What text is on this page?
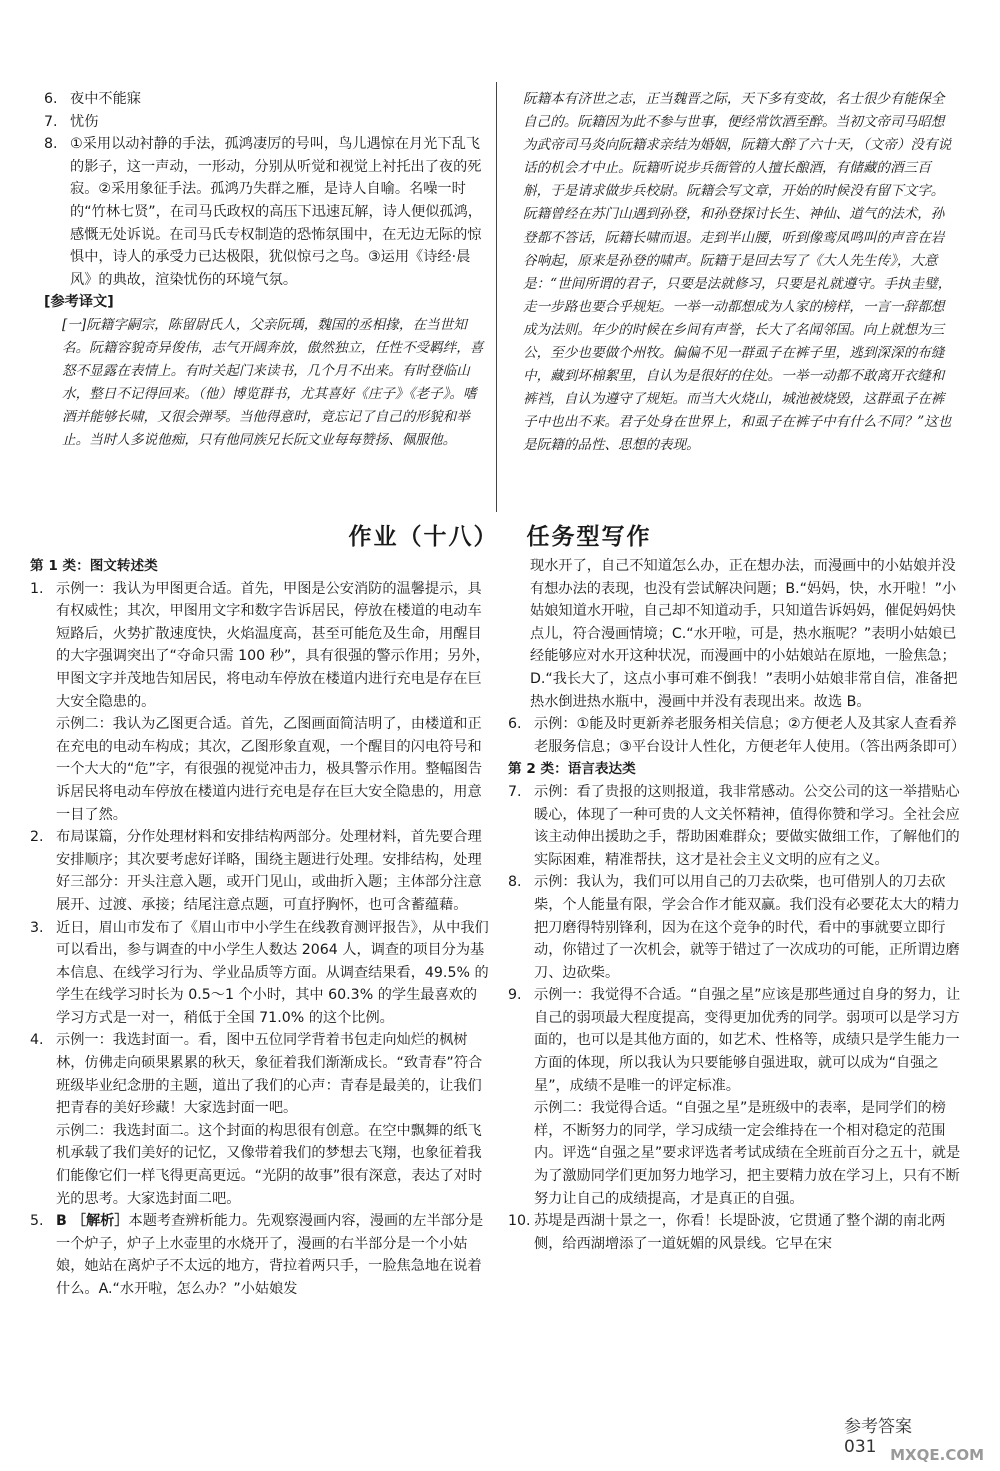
6. 夜中不能寐
7. 忧伤
8. ①采用以动衬静的手法，孤鸿凄厉的号叫，鸟儿遇惊在月光下乱飞的影子，这一声动，一形动，分别从听觉和视觉上衬托出了夜的死寂。②采用象征手法。孤鸿乃失群之雁，是诗人自喻。名噪一时的“竹林七贤”，在司马氏政权的高压下迅速瓦解，诗人便似孤鸿，感慨无处诉说。在司马氏专权制造的恐怖氛围中，在无边无际的惊惧中，诗人的承受力已达极限，犹似惊弓之鸟。③运用《诗经·晨风》的典故，渲染忧伤的环境气氛。
[参考译文]
[一]阮籍字嗣宗，陈留尉氏人，父亲阮瑀，魏国的丞相掾，在当世知名。阮籍容貌奇异俊伟，志气开阔奔放，傲然独立，任性不受羁绊，喜怒不显露在表情上。有时关起门来读书，几个月不出来。有时登临山水，整日不记得回来。（他）博览群书，尤其喜好《庄子》《老子》。嗜酒并能够长啸，又很会弹琴。当他得意时，竟忘记了自己的形貌和举止。当时人多说他痴，只有他同族兄长阮文业每每赞扬、佩服他。
阮籍本有济世之志，正当魏晋之际，天下多有变故，名士很少有能保全自己的。阮籍因为此不参与世事，便经常饮酒至醉。当初文帝司马昭想为武帝司马炎向阮籍求亲结为婚姻，阮籍大醉了六十天，（文帝）没有说话的机会才中止。阮籍听说步兵衙管的人擅长酿酒，有储藏的酒三百斛，于是请求做步兵校尉。阮籍会写文章，开始的时候没有留下文字。阮籍曾经在苏门山遇到孙登，和孙登探讨长生、神仙、道气的法术，孙登都不答话，阮籍长啸而退。走到半山腰，听到像鸾凤鸣叫的声音在岩谷响起，原来是孙登的啸声。阮籍于是回去写了《大人先生传》，大意是：“世间所谓的君子，只要是法就修习，只要是礼就遵守。手执圭璧，走一步路也要合乎规矩。一举一动都想成为人家的榜样，一言一辞都想成为法则。年少的时候在乡间有声誉，长大了名闻邻国。向上就想为三公，至少也要做个州牧。偏偏不见一群虱子在裤子里，逃到深深的布缝中，藏到坏棉絮里，自认为是很好的住处。一举一动都不敢离开衣缝和裤裆，自认为遵守了规矩。而当大火烧山，城池被烧毁，这群虱子在裤子中也出不来。君子处身在世界上，和虱子在裤子中有什么不同？”这也是阮籍的品性、思想的表现。
作业（十八） 任务型写作
第 1 类：图文转述类
1. 示例一：我认为甲图更合适。首先，甲图是公安消防的温馨提示，具有权威性；其次，甲图用文字和数字告诉居民，停放在楼道的电动车短路后，火势扩散速度快，火焰温度高，甚至可能危及生命，用醒目的大字强调突出了“夺命只需 100 秒”，具有很强的警示作用；另外，甲图文字并茂地告知居民，将电动车停放在楼道内进行充电是存在巨大安全隐患的。
示例二：我认为乙图更合适。首先，乙图画面简洁明了，由楼道和正在充电的电动车构成；其次，乙图形象直观，一个醒目的闪电符号和一个大大的“危”字，有很强的视觉冲击力，极具警示作用。整幅图告诉居民将电动车停放在楼道内进行充电是存在巨大安全隐患的，用意一目了然。
2. 布局谋篇，分作处理材料和安排结构两部分。处理材料，首先要合理安排顺序；其次要考虑好详略，围绕主题进行处理。安排结构，处理好三部分：开头注意入题，或开门见山，或曲折入题；主体部分注意展开、过渡、承接；结尾注意点题，可直抒胸怀，也可含蓄蕴藉。
3. 近日，眉山市发布了《眉山市中小学生在线教育测评报告》，从中我们可以看出，参与调查的中小学生人数达 2064 人，调查的项目分为基本信息、在线学习行为、学业品质等方面。从调查结果看，49.5% 的学生在线学习时长为 0.5～1 个小时，其中 60.3% 的学生最喜欢的学习方式是一对一，稍低于全国 71.0% 的这个比例。
4. 示例一：我选封面一。看，图中五位同学背着书包走向灿烂的枫树林，仿佛走向硕果累累的秋天，象征着我们渐渐成长。“致青春”符合班级毕业纪念册的主题，道出了我们的心声：青春是最美的，让我们把青春的美好珍藏！大家选封面一吧。
示例二：我选封面二。这个封面的构思很有创意。在空中飘舞的纸飞机承载了我们美好的记忆，又像带着我们的梦想去飞翔，也象征着我们能像它们一样飞得更高更远。“光阴的故事”很有深意，表达了对时光的思考。大家选封面二吧。
5. B ［解析］本题考查辨析能力。先观察漫画内容，漫画的左半部分是一个炉子，炉子上水壶里的水烧开了，漫画的右半部分是一个小姑娘，她站在离炉子不太远的地方，背拉着两只手，一脸焦急地在说着什么。A.“水开啦，怎么办？”小姑娘发
现水开了，自己不知道怎么办，正在想办法，而漫画中的小姑娘并没有想办法的表现，也没有尝试解决问题；B.“妈妈，快，水开啦！”小姑娘知道水开啦，自己却不知道动手，只知道告诉妈妈，催促妈妈快点儿，符合漫画情境；C.“水开啦，可是，热水瓶呢？”表明小姑娘已经能够应对水开这种状况，而漫画中的小姑娘站在原地，一脸焦急；D.“我长大了，这点小事可难不倒我！”表明小姑娘非常自信，准备把热水倒进热水瓶中，漫画中并没有表现出来。故选 B。
6. 示例：①能及时更新养老服务相关信息；②方便老人及其家人查看养老服务信息；③平台设计人性化，方便老年人使用。（答出两条即可）
第 2 类：语言表达类
7. 示例：看了贵报的这则报道，我非常感动。公交公司的这一举措贴心暖心，体现了一种可贵的人文关怀精神，值得你赞和学习。全社会应该主动伸出援助之手，帮助困难群众；要做实做细工作，了解他们的实际困难，精准帮扶，这才是社会主义文明的应有之义。
8. 示例：我认为，我们可以用自己的刀去砍柴，也可借别人的刀去砍柴，个人能量有限，学会合作才能双赢。我们没有必要花太大的精力把刀磨得特别锋利，因为在这个竞争的时代，看中的事就要立即行动，你错过了一次机会，就等于错过了一次成功的可能，正所谓边磨刀、边砍柴。
9. 示例一：我觉得不合适。“自强之星”应该是那些通过自身的努力，让自己的弱项最大程度提高，变得更加优秀的同学。弱项可以是学习方面的，也可以是其他方面的，如艺术、性格等，成绩只是学生能力一方面的体现，所以我认为只要能够自强进取，就可以成为“自强之星”，成绩不是唯一的评定标准。
示例二：我觉得合适。“自强之星”是班级中的表率，是同学们的榜样，不断努力的同学，学习成绩一定会维持在一个相对稳定的范围内。评选“自强之星”要求评选者考试成绩在全班前百分之五十，就是为了激励同学们更加努力地学习，把主要精力放在学习上，只有不断努力让自己的成绩提高，才是真正的自强。
10. 苏堤是西湖十景之一，你看！长堤卧波，它贯通了整个湖的南北两侧，给西湖增添了一道妩媚的风景线。它早在宋
参考答案 031 MXQE.COM
